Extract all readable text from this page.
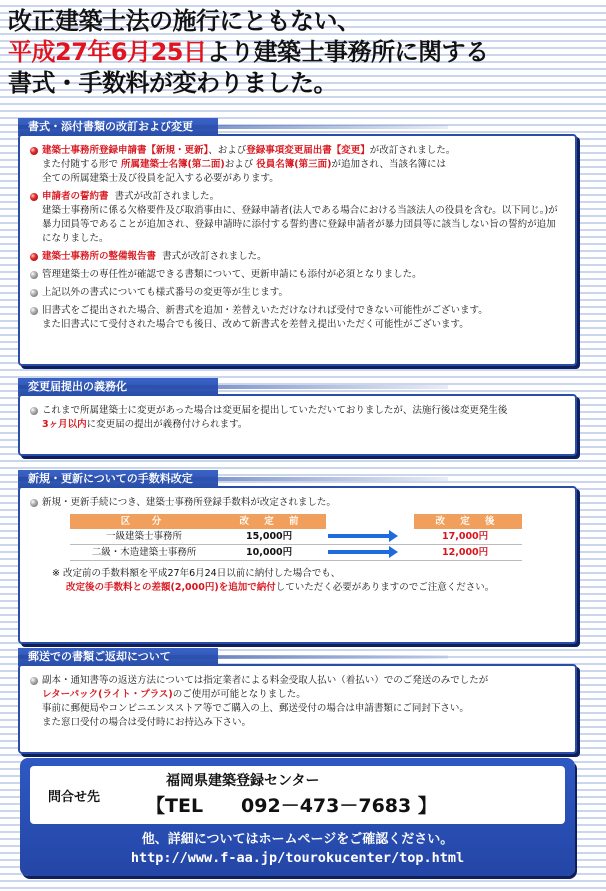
改正建築士法の施行にともない、
平成27年6月25日より建築士事務所に関する
書式・手数料が変わりました。
書式・添付書類の改訂および変更
建築士事務所登録申請書【新規・更新】、および登録事項変更届出書【変更】が改訂されました。
また付随する形で 所属建築士名簿(第二面)および 役員名簿(第三面)が追加され、当該名簿には
全ての所属建築士及び役員を記入する必要があります。
申請者の誓約書 書式が改訂されました。
建築士事務所に係る欠格要件及び取消事由に、登録申請者(法人である場合における当該法人の役員を含む。以下同じ。)が暴力団員等であることが追加され、登録申請時に添付する誓約書に登録申請者が暴力団員等に該当しない旨の誓約が追加になりました。
建築士事務所の整備報告書 書式が改訂されました。
管理建築士の専任性が確認できる書類について、更新申請にも添付が必須となりました。
上記以外の書式についても様式番号の変更等が生じます。
旧書式をご提出された場合、新書式を追加・差替えいただけなければ受付できない可能性がございます。
また旧書式にて受付された場合でも後日、改めて新書式を差替え提出いただく可能性がございます。
変更届提出の義務化
これまで所属建築士に変更があった場合は変更届を提出していただいておりましたが、法施行後は変更発生後
3ヶ月以内に変更届の提出が義務付けられます。
新規・更新についての手数料改定
新規・更新手続につき、建築士事務所登録手数料が改定されました。
区　分	改 定 前		改 定 後
一級建築士事務所	15,000円		17,000円
二級・木造建築士事務所	10,000円		12,000円
※ 改定前の手数料額を平成27年6月24日以前に納付した場合でも、
改定後の手数料との差額(2,000円)を追加で納付していただく必要がありますのでご注意ください。
郵送での書類ご返却について
副本・通知書等の返送方法については指定業者による料金受取人払い（着払い）でのご発送のみでしたが
レターパック(ライト・プラス)のご使用が可能となりました。
事前に郵便局やコンビニエンスストア等でご購入の上、郵送受付の場合は申請書類にご同封下さい。
また窓口受付の場合は受付時にお持込み下さい。
問合せ先
福岡県建築登録センター
【TEL　　092－473－7683 】
他、詳細についてはホームページをご確認ください。
http://www.f-aa.jp/tourokucenter/top.html
